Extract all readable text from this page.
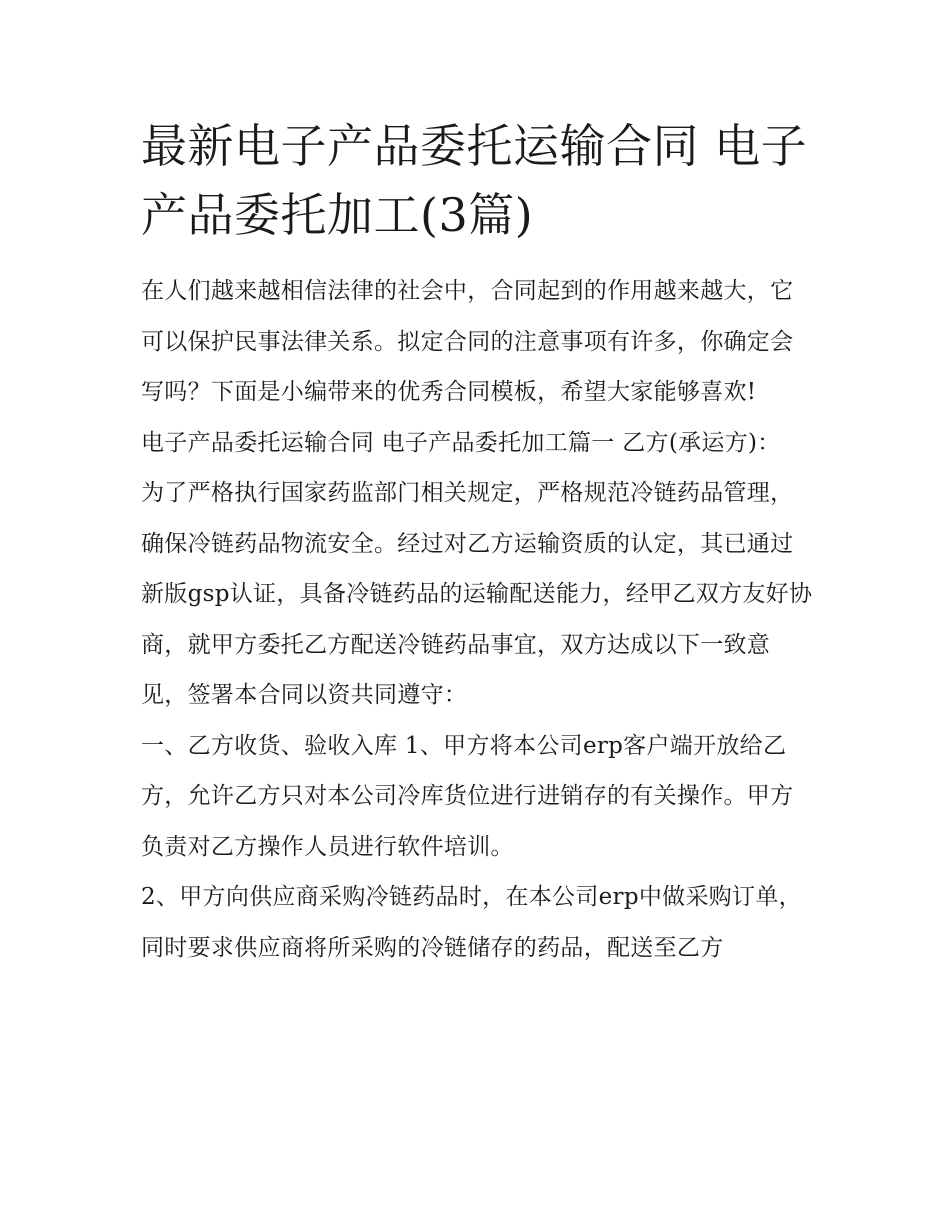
最新电子产品委托运输合同 电子产品委托加工(3篇)

在人们越来越相信法律的社会中，合同起到的作用越来越大，它可以保护民事法律关系。拟定合同的注意事项有许多，你确定会写吗？下面是小编带来的优秀合同模板，希望大家能够喜欢!

电子产品委托运输合同 电子产品委托加工篇一 乙方(承运方)：

为了严格执行国家药监部门相关规定，严格规范冷链药品管理，确保冷链药品物流安全。经过对乙方运输资质的认定，其已通过新版gsp认证，具备冷链药品的运输配送能力，经甲乙双方友好协商，就甲方委托乙方配送冷链药品事宜，双方达成以下一致意见，签署本合同以资共同遵守：

一、乙方收货、验收入库 1、甲方将本公司erp客户端开放给乙方，允许乙方只对本公司冷库货位进行进销存的有关操作。甲方负责对乙方操作人员进行软件培训。

2、甲方向供应商采购冷链药品时，在本公司erp中做采购订单，同时要求供应商将所采购的冷链储存的药品，配送至乙方
